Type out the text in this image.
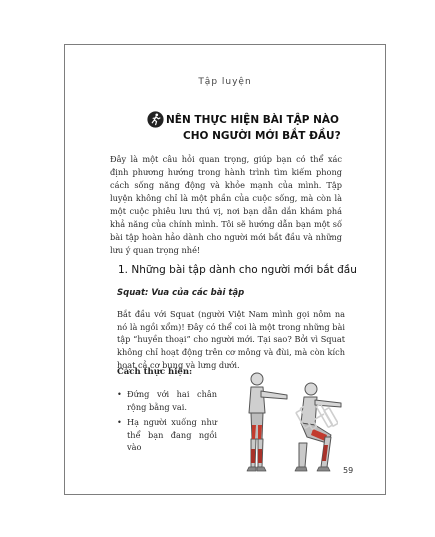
Tập luyện
NÊN THỰC HIỆN BÀI TẬP NÀO
CHO NGƯỜI MỚI BẮT ĐẦU?

Đây là một câu hỏi quan trọng, giúp bạn có thể xác định phương hướng trong hành trình tìm kiếm phong cách sống năng động và khỏe mạnh của mình. Tập luyện không chỉ là một phần của cuộc sống, mà còn là một cuộc phiêu lưu thú vị, nơi bạn dẫn dắn khám phá khả năng của chính mình. Tôi sẽ hướng dẫn bạn một số bài tập hoàn hảo dành cho người mới bắt đầu và những lưu ý quan trọng nhé!

1. Những bài tập dành cho người mới bắt đầu
Squat: Vua của các bài tập

Bắt đầu với Squat (người Việt Nam mình gọi nôm na nó là ngồi xổm)! Đây có thể coi là một trong những bài tập “huyền thoại” cho người mới. Tại sao? Bởi vì Squat không chỉ hoạt động trên cơ mông và đùi, mà còn kích hoạt cả cơ bụng và lưng dưới.

Cách thực hiện:
• Đứng với hai chân rộng bằng vai.
• Hạ người xuống như thể bạn đang ngồi vào
59
